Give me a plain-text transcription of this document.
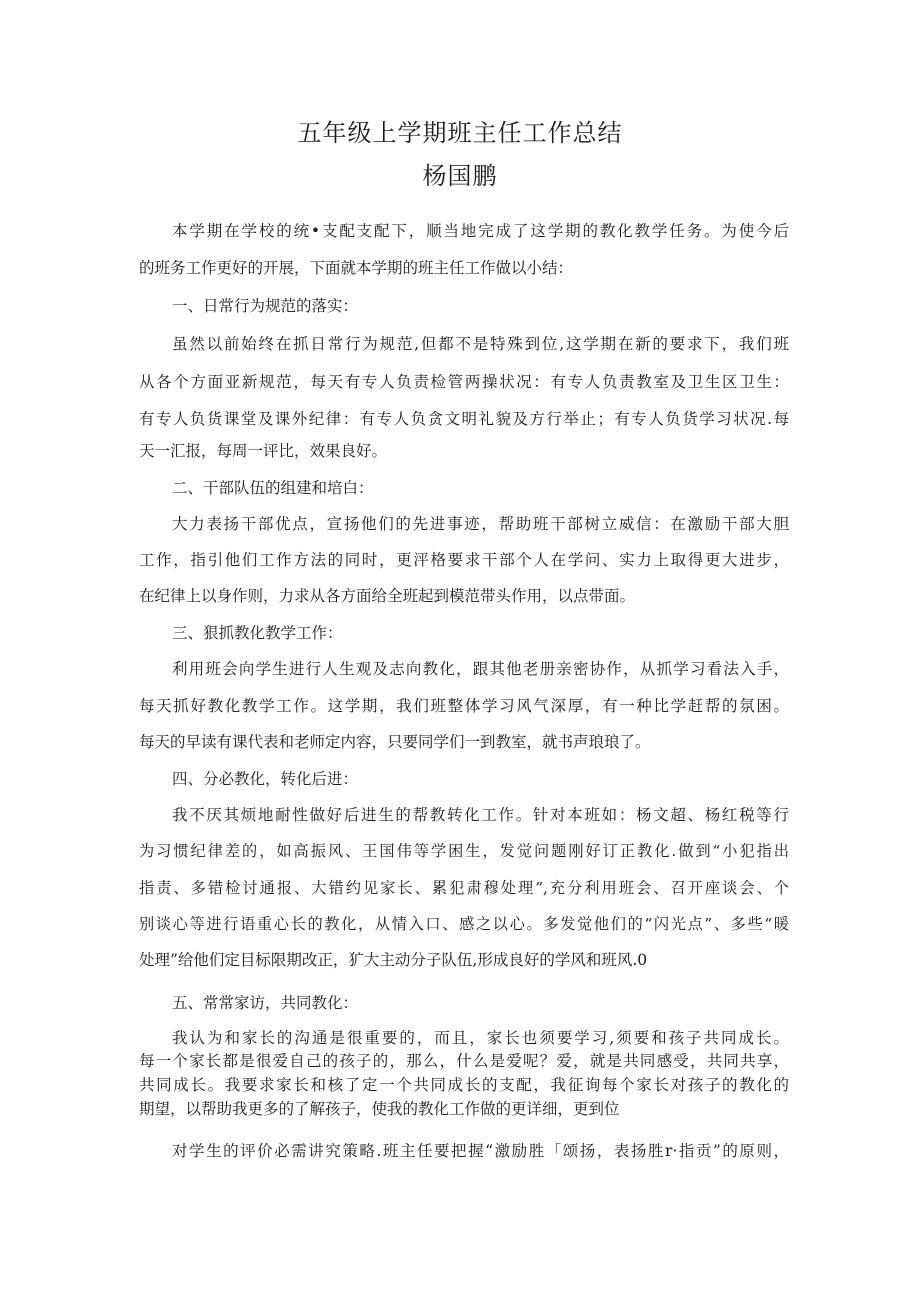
五年级上学期班主任工作总结
杨国鹏
本学期在学校的统•支配支配下，顺当地完成了这学期的教化教学任务。为使今后
的班务工作更好的开展，下面就本学期的班主任工作做以小结：
一、日常行为规范的落实：
虽然以前始终在抓日常行为规范,但都不是特殊到位,这学期在新的要求下，我们班
从各个方面亚新规范，每天有专人负责检管两操状况：有专人负责教室及卫生区卫生：
有专人负货课堂及课外纪律：有专人负贪文明礼貌及方行举止；有专人负货学习状况.每
天一汇报，每周一评比，效果良好。
二、干部队伍的组建和培白：
大力表扬干部优点，宣扬他们的先进事迹，帮助班干部树立威信：在激励干部大胆
工作，指引他们工作方法的同时，更泙格要求干部个人在学问、实力上取得更大进步，
在纪律上以身作则，力求从各方面给全班起到模范带头作用，以点带面。
三、狠抓教化教学工作：
利用班会向学生进行人生观及志向教化，跟其他老册亲密协作，从抓学习看法入手，
每天抓好教化教学工作。这学期，我们班整体学习风气深厚，有一种比学赶帮的氛困。
每天的早读有课代表和老师定内容，只要同学们一到教室，就书声琅琅了。
四、分必教化，转化后进：
我不厌其烦地耐性做好后进生的帮教转化工作。针对本班如：杨文超、杨红税等行
为习惯纪律差的，如高振风、王国伟等学困生，发觉问题刚好订正教化.做到“小犯指出
指责、多错检讨通报、大错约见家长、累犯肃穆处理”,充分利用班会、召开座谈会、个
别谈心等进行语重心长的教化，从情入口、感之以心。多发觉他们的“闪光点”、多些“暖
处理”给他们定目标限期改正，犷大主动分子队伍,形成良好的学风和班风.0
五、常常家访，共同教化：
我认为和家长的沟通是很重要的，而且，家长也须要学习,须要和孩子共同成长。
每一个家长都是很爱自己的孩子的，那么，什么是爱呢？爱，就是共同感受，共同共享，
共同成长。我要求家长和核了定一个共同成长的支配，我征询每个家长对孩子的教化的
期望，以帮助我更多的了解孩子，使我的教化工作做的更详细，更到位
对学生的评价必需讲究策略.班主任要把握“激励胜「颂扬，表扬胜r·指贡”的原则，
